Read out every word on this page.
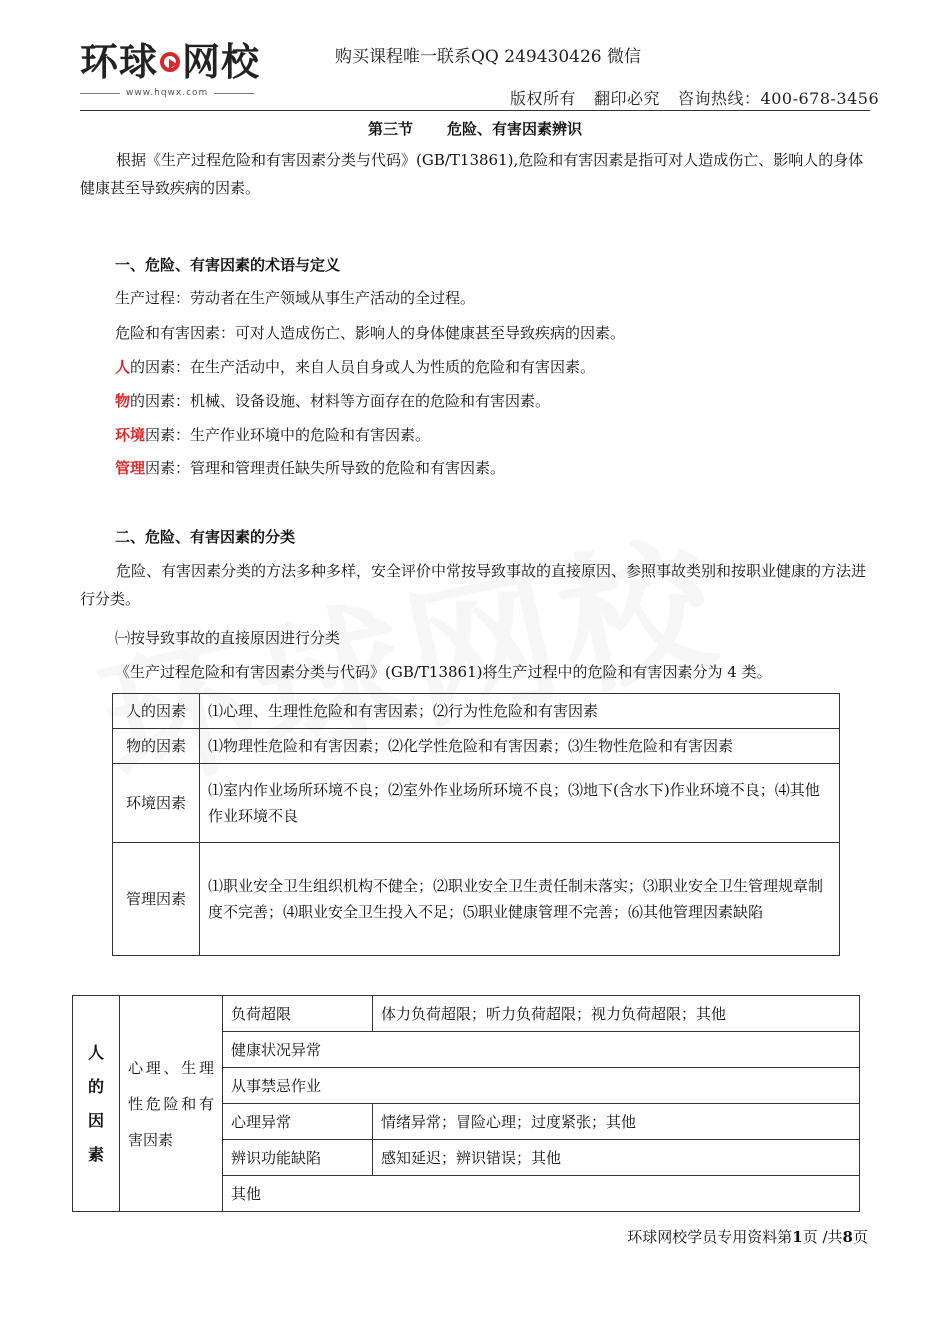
环球 网校
www.hqwx.com
购买课程唯一联系QQ 249430426 微信
版权所有 翻印必究 咨询热线：400-678-3456
第三节 危险、有害因素辨识
根据《生产过程危险和有害因素分类与代码》(GB/T13861),危险和有害因素是指可对人造成伤亡、影响人的身体健康甚至导致疾病的因素。
一、危险、有害因素的术语与定义
生产过程：劳动者在生产领域从事生产活动的全过程。
危险和有害因素：可对人造成伤亡、影响人的身体健康甚至导致疾病的因素。
人的因素：在生产活动中，来自人员自身或人为性质的危险和有害因素。
物的因素：机械、设备设施、材料等方面存在的危险和有害因素。
环境因素：生产作业环境中的危险和有害因素。
管理因素：管理和管理责任缺失所导致的危险和有害因素。
二、危险、有害因素的分类
危险、有害因素分类的方法多种多样，安全评价中常按导致事故的直接原因、参照事故类别和按职业健康的方法进行分类。
㈠按导致事故的直接原因进行分类
《生产过程危险和有害因素分类与代码》(GB/T13861)将生产过程中的危险和有害因素分为 4 类。
人的因素	⑴心理、生理性危险和有害因素；⑵行为性危险和有害因素
物的因素	⑴物理性危险和有害因素；⑵化学性危险和有害因素；⑶生物性危险和有害因素
环境因素	⑴室内作业场所环境不良；⑵室外作业场所环境不良；⑶地下(含水下)作业环境不良；⑷其他作业环境不良
管理因素	⑴职业安全卫生组织机构不健全；⑵职业安全卫生责任制未落实；⑶职业安全卫生管理规章制度不完善；⑷职业安全卫生投入不足；⑸职业健康管理不完善；⑹其他管理因素缺陷
人
的
因
素	心理、生理性危险和有害因素	负荷超限	体力负荷超限；听力负荷超限；视力负荷超限；其他
		健康状况异常	
		从事禁忌作业	
		心理异常	情绪异常；冒险心理；过度紧张；其他
		辨识功能缺陷	感知延迟；辨识错误；其他
		其他	
环球网校学员专用资料第1页 /共8页
